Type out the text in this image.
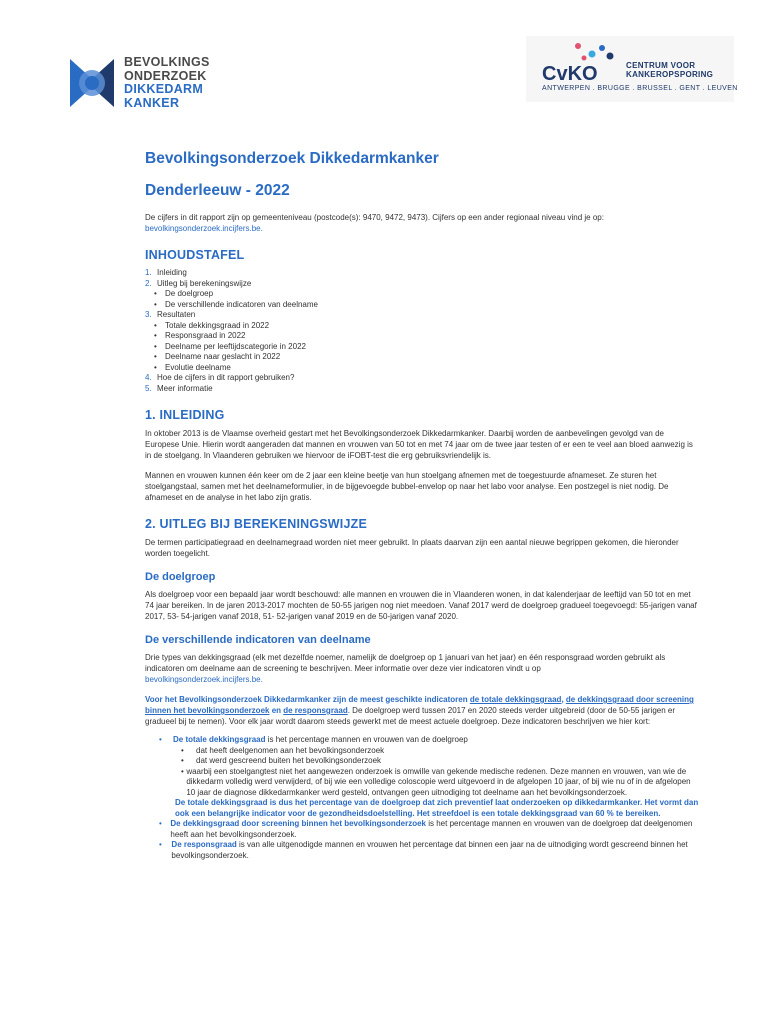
BEVOLKINGS
ONDERZOEK
DIKKEDARM
KANKER
CvKO	CENTRUM VOOR
KANKEROPSPORING
ANTWERPEN . BRUGGE . BRUSSEL . GENT . LEUVEN
Bevolkingsonderzoek Dikkedarmkanker
Denderleeuw - 2022

De cijfers in dit rapport zijn op gemeenteniveau (postcode(s): 9470, 9472, 9473). Cijfers op een ander regionaal niveau vind je op:
bevolkingsonderzoek.incijfers.be.

INHOUDSTAFEL
1. Inleiding
2. Uitleg bij berekeningswijze
•	De doelgroep
•	De verschillende indicatoren van deelname
3. Resultaten
•	Totale dekkingsgraad in 2022
•	Responsgraad in 2022
•	Deelname per leeftijdscategorie in 2022
•	Deelname naar geslacht in 2022
•	Evolutie deelname
4. Hoe de cijfers in dit rapport gebruiken?
5. Meer informatie
1. INLEIDING

In oktober 2013 is de Vlaamse overheid gestart met het Bevolkingsonderzoek Dikkedarmkanker. Daarbij worden de aanbevelingen gevolgd van de Europese Unie. Hierin wordt aangeraden dat mannen en vrouwen van 50 tot en met 74 jaar om de twee jaar testen of er een te veel aan bloed aanwezig is in de stoelgang. In Vlaanderen gebruiken we hiervoor de iFOBT-test die erg gebruiksvriendelijk is.

Mannen en vrouwen kunnen één keer om de 2 jaar een kleine beetje van hun stoelgang afnemen met de toegestuurde afnameset. Ze sturen het stoelgangstaal, samen met het deelnameformulier, in de bijgevoegde bubbel-envelop op naar het labo voor analyse. Een postzegel is niet nodig. De afnameset en de analyse in het labo zijn gratis.

2. UITLEG BIJ BEREKENINGSWIJZE

De termen participatiegraad en deelnamegraad worden niet meer gebruikt. In plaats daarvan zijn een aantal nieuwe begrippen gekomen, die hieronder worden toegelicht.

De doelgroep

Als doelgroep voor een bepaald jaar wordt beschouwd: alle mannen en vrouwen die in Vlaanderen wonen, in dat kalenderjaar de leeftijd van 50 tot en met 74 jaar bereiken. In de jaren 2013-2017 mochten de 50-55 jarigen nog niet meedoen. Vanaf 2017 werd de doelgroep gradueel toegevoegd: 55-jarigen vanaf 2017, 53- 54-jarigen vanaf 2018, 51- 52-jarigen vanaf 2019 en de 50-jarigen vanaf 2020.

De verschillende indicatoren van deelname

Drie types van dekkingsgraad (elk met dezelfde noemer, namelijk de doelgroep op 1 januari van het jaar) en één responsgraad worden gebruikt als indicatoren om deelname aan de screening te beschrijven. Meer informatie over deze vier indicatoren vindt u op
bevolkingsonderzoek.incijfers.be.

Voor het Bevolkingsonderzoek Dikkedarmkanker zijn de meest geschikte indicatoren de totale dekkingsgraad, de dekkingsgraad door screening binnen het bevolkingsonderzoek en de responsgraad. De doelgroep werd tussen 2017 en 2020 steeds verder uitgebreid (door de 50-55 jarigen er gradueel bij te nemen). Voor elk jaar wordt daarom steeds gewerkt met de meest actuele doelgroep. Deze indicatoren beschrijven we hier kort:

•	De totale dekkingsgraad is het percentage mannen en vrouwen van de doelgroep
•	dat heeft deelgenomen aan het bevolkingsonderzoek
•	dat werd gescreend buiten het bevolkingsonderzoek
• waarbij een stoelgangtest niet het aangewezen onderzoek is omwille van gekende medische redenen. Deze mannen en vrouwen, van wie de dikkedarm volledig werd verwijderd, of bij wie een volledige coloscopie werd uitgevoerd in de afgelopen 10 jaar, of bij wie nu of in de afgelopen 10 jaar de diagnose dikkedarmkanker werd gesteld, ontvangen geen uitnodiging tot deelname aan het bevolkingsonderzoek.
De totale dekkingsgraad is dus het percentage van de doelgroep dat zich preventief laat onderzoeken op dikkedarmkanker. Het vormt dan ook een belangrijke indicator voor de gezondheidsdoelstelling. Het streefdoel is een totale dekkingsgraad van 60 % te bereiken.
•	De dekkingsgraad door screening binnen het bevolkingsonderzoek is het percentage mannen en vrouwen van de doelgroep dat deelgenomen heeft aan het bevolkingsonderzoek.
•	De responsgraad is van alle uitgenodigde mannen en vrouwen het percentage dat binnen een jaar na de uitnodiging wordt gescreend binnen het bevolkingsonderzoek.
